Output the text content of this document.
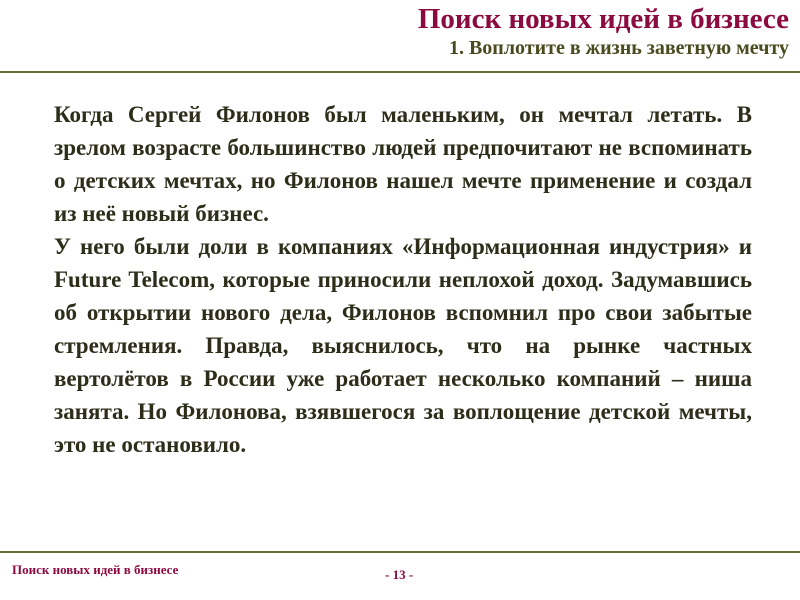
Поиск новых идей в бизнесе
1. Воплотите в жизнь заветную мечту

Когда Сергей Филонов был маленьким, он мечтал летать. В зрелом возрасте большинство людей предпочитают не вспоминать о детских мечтах, но Филонов нашел мечте применение и создал из неё новый бизнес.

У него были доли в компаниях «Информационная индустрия» и Future Telecom, которые приносили неплохой доход. Задумавшись об открытии нового дела, Филонов вспомнил про свои забытые стремления. Правда, выяснилось, что на рынке частных вертолётов в России уже работает несколько компаний – ниша занята. Но Филонова, взявшегося за воплощение детской мечты, это не остановило.

Поиск новых идей в бизнесе	- 13 -
